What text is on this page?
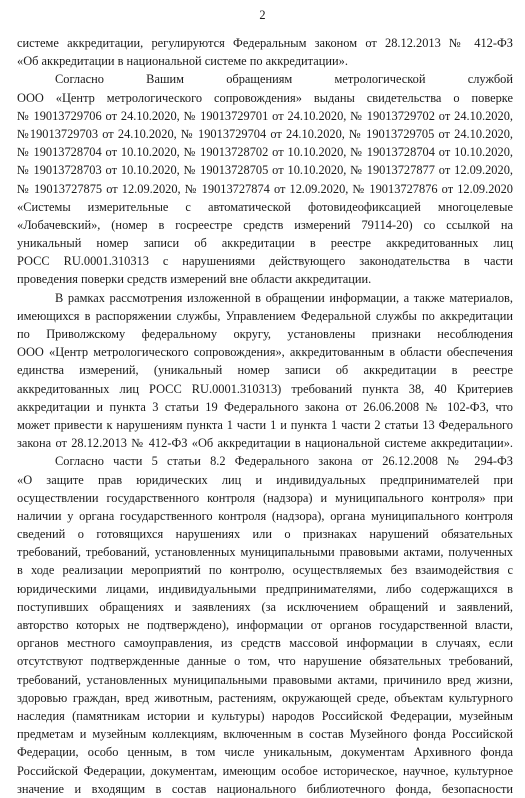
2
системе аккредитации, регулируются Федеральным законом от 28.12.2013 № 412-ФЗ
«Об аккредитации в национальной системе по аккредитации».
Согласно Вашим обращениям метрологической службой
ООО «Центр метрологического сопровождения» выданы свидетельства о поверке
№ 19013729706 от 24.10.2020, № 19013729701 от 24.10.2020, № 19013729702 от 24.10.2020,
№19013729703 от 24.10.2020, № 19013729704 от 24.10.2020, № 19013729705 от 24.10.2020,
№ 19013728704 от 10.10.2020, № 19013728702 от 10.10.2020, № 19013728704 от 10.10.2020,
№ 19013728703 от 10.10.2020, № 19013728705 от 10.10.2020, № 19013727877 от 12.09.2020,
№ 19013727875 от 12.09.2020, № 19013727874 от 12.09.2020, № 19013727876 от 12.09.2020
«Системы измерительные с автоматической фотовидеофиксацией многоцелевые
«Лобачевский», (номер в госреестре средств измерений 79114-20) со ссылкой на
уникальный номер записи об аккредитации в реестре аккредитованных лиц
РОСС RU.0001.310313 с нарушениями действующего законодательства в части
проведения поверки средств измерений вне области аккредитации.
В рамках рассмотрения изложенной в обращении информации, а также материалов,
имеющихся в распоряжении службы, Управлением Федеральной службы по аккредитации
по Приволжскому федеральному округу, установлены признаки несоблюдения
ООО «Центр метрологического сопровождения», аккредитованным в области обеспечения
единства измерений, (уникальный номер записи об аккредитации в реестре
аккредитованных лиц РОСС RU.0001.310313) требований пункта 38, 40 Критериев
аккредитации и пункта 3 статьи 19 Федерального закона от 26.06.2008 № 102-ФЗ, что
может привести к нарушениям пункта 1 части 1 и пункта 1 части 2 статьи 13 Федерального
закона от 28.12.2013 № 412-ФЗ «Об аккредитации в национальной системе аккредитации».
Согласно части 5 статьи 8.2 Федерального закона от 26.12.2008 № 294-ФЗ
«О защите прав юридических лиц и индивидуальных предпринимателей при
осуществлении государственного контроля (надзора) и муниципального контроля» при
наличии у органа государственного контроля (надзора), органа муниципального контроля
сведений о готовящихся нарушениях или о признаках нарушений обязательных
требований, требований, установленных муниципальными правовыми актами, полученных
в ходе реализации мероприятий по контролю, осуществляемых без взаимодействия с
юридическими лицами, индивидуальными предпринимателями, либо содержащихся в
поступивших обращениях и заявлениях (за исключением обращений и заявлений,
авторство которых не подтверждено), информации от органов государственной власти,
органов местного самоуправления, из средств массовой информации в случаях, если
отсутствуют подтвержденные данные о том, что нарушение обязательных требований,
требований, установленных муниципальными правовыми актами, причинило вред жизни,
здоровью граждан, вред животным, растениям, окружающей среде, объектам культурного
наследия (памятникам истории и культуры) народов Российской Федерации, музейным
предметам и музейным коллекциям, включенным в состав Музейного фонда Российской
Федерации, особо ценным, в том числе уникальным, документам Архивного фонда
Российской Федерации, документам, имеющим особое историческое, научное, культурное
значение и входящим в состав национального библиотечного фонда, безопасности
